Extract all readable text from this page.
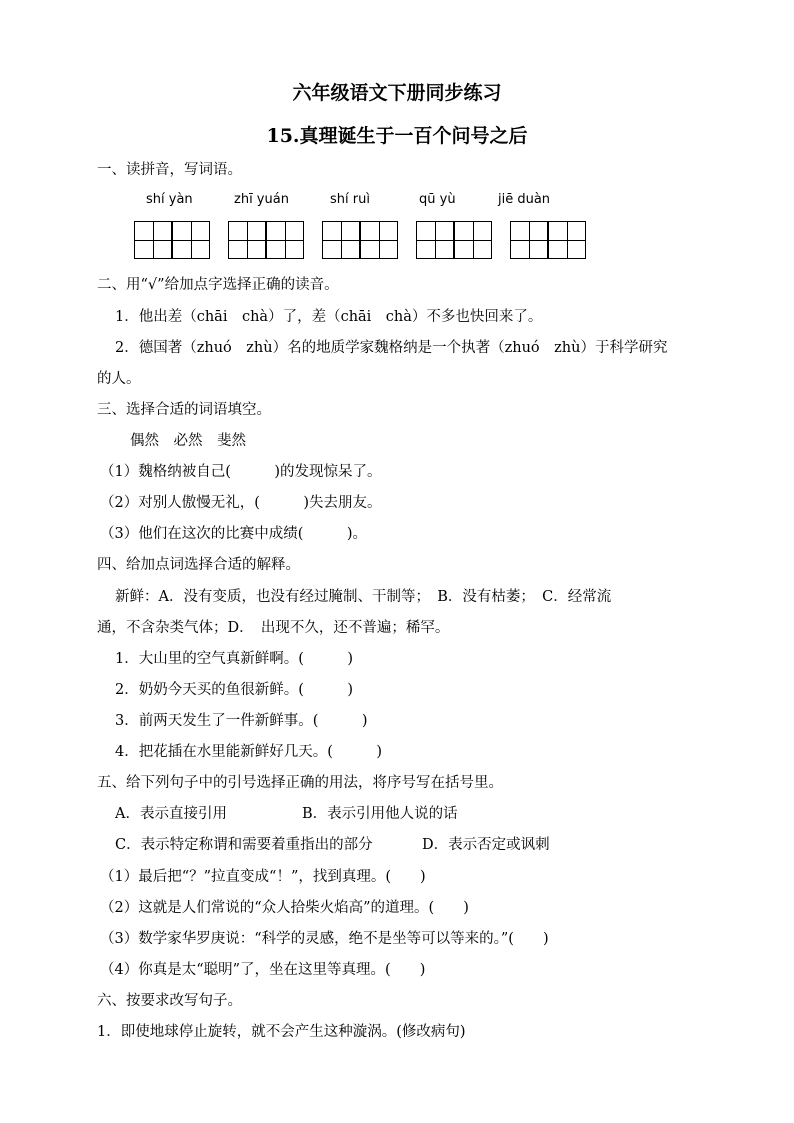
六年级语文下册同步练习
15.真理诞生于一百个问号之后
一、读拼音，写词语。
shí yàn	zhī yuán	shí ruì	qū yù	jiē duàn
二、用“√”给加点字选择正确的读音。
1．他出差（chāi　chà）了，差（chāi　chà）不多也快回来了。
2．德国著（zhuó　zhù）名的地质学家魏格纳是一个执著（zhuó　zhù）于科学研究
的人。
三、选择合适的词语填空。
偶然　必然　斐然
（1）魏格纳被自己(　　　)的发现惊呆了。
（2）对别人傲慢无礼，(　　　)失去朋友。
（3）他们在这次的比赛中成绩(　　　)。
四、给加点词选择合适的解释。
新鲜：A．没有变质，也没有经过腌制、干制等；　B．没有枯萎；　C．经常流
通，不含杂类气体；D．　出现不久，还不普遍；稀罕。
1．大山里的空气真新鲜啊。(　　　)
2．奶奶今天买的鱼很新鲜。(　　　)
3．前两天发生了一件新鲜事。(　　　)
4．把花插在水里能新鲜好几天。(　　　)
五、给下列句子中的引号选择正确的用法，将序号写在括号里。
A．表示直接引用	B．表示引用他人说的话
C．表示特定称谓和需要着重指出的部分	D．表示否定或讽刺
（1）最后把“？”拉直变成“！”，找到真理。(　　)
（2）这就是人们常说的“众人拾柴火焰高”的道理。(　　)
（3）数学家华罗庚说：“科学的灵感，绝不是坐等可以等来的。”(　　)
（4）你真是太“聪明”了，坐在这里等真理。(　　)
六、按要求改写句子。
1．即使地球停止旋转，就不会产生这种漩涡。(修改病句)
